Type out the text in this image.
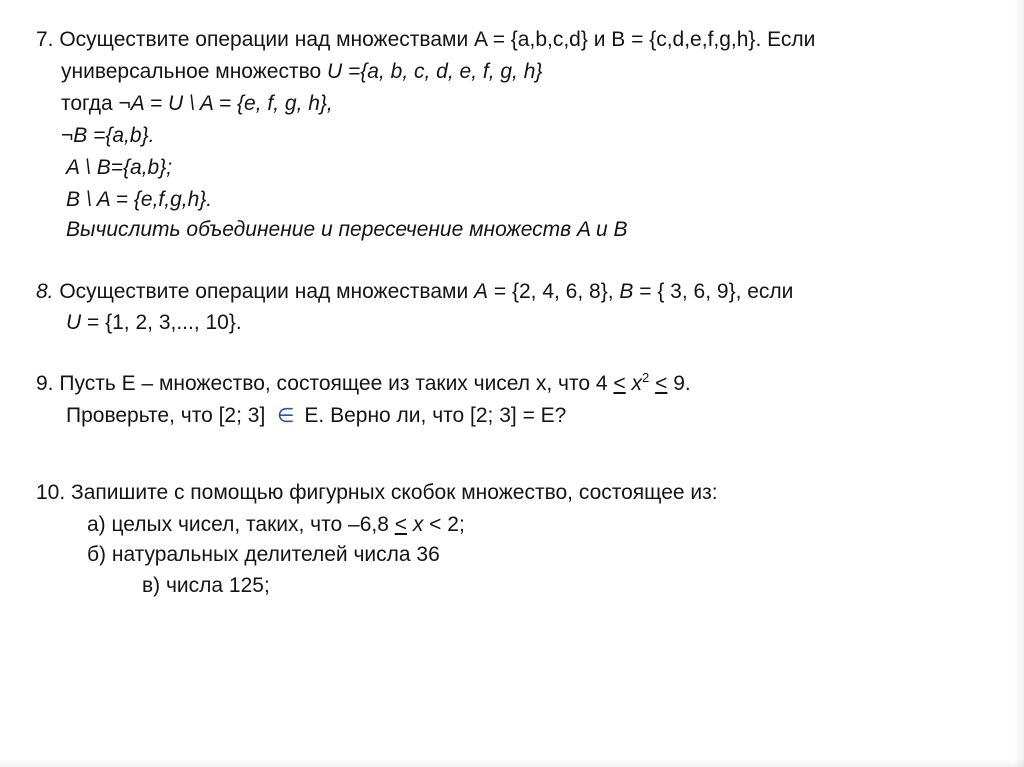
7. Осуществите операции над множествами A = {a,b,c,d} и B = {c,d,e,f,g,h}. Если
универсальное множество U ={a, b, c, d, e, f, g, h}
тогда ¬A = U \ A = {e, f, g, h},
¬B ={a,b}.
A \ B={a,b};
B \ A = {e,f,g,h}.
Вычислить объединение и пересечение множеств A и B
8. Осуществите операции над множествами A = {2, 4, 6, 8}, B = { 3, 6, 9}, если
U = {1, 2, 3,..., 10}.
9. Пусть E – множество, состоящее из таких чисел x, что $4 < x^2 < 9$.
Проверьте, что [2; 3] ∈ E. Верно ли, что [2; 3] = E?
10. Запишите с помощью фигурных скобок множество, состоящее из:
а) целых чисел, таких, что –6,8 < x < 2;
б) натуральных делителей числа 36
в) числа 125;
